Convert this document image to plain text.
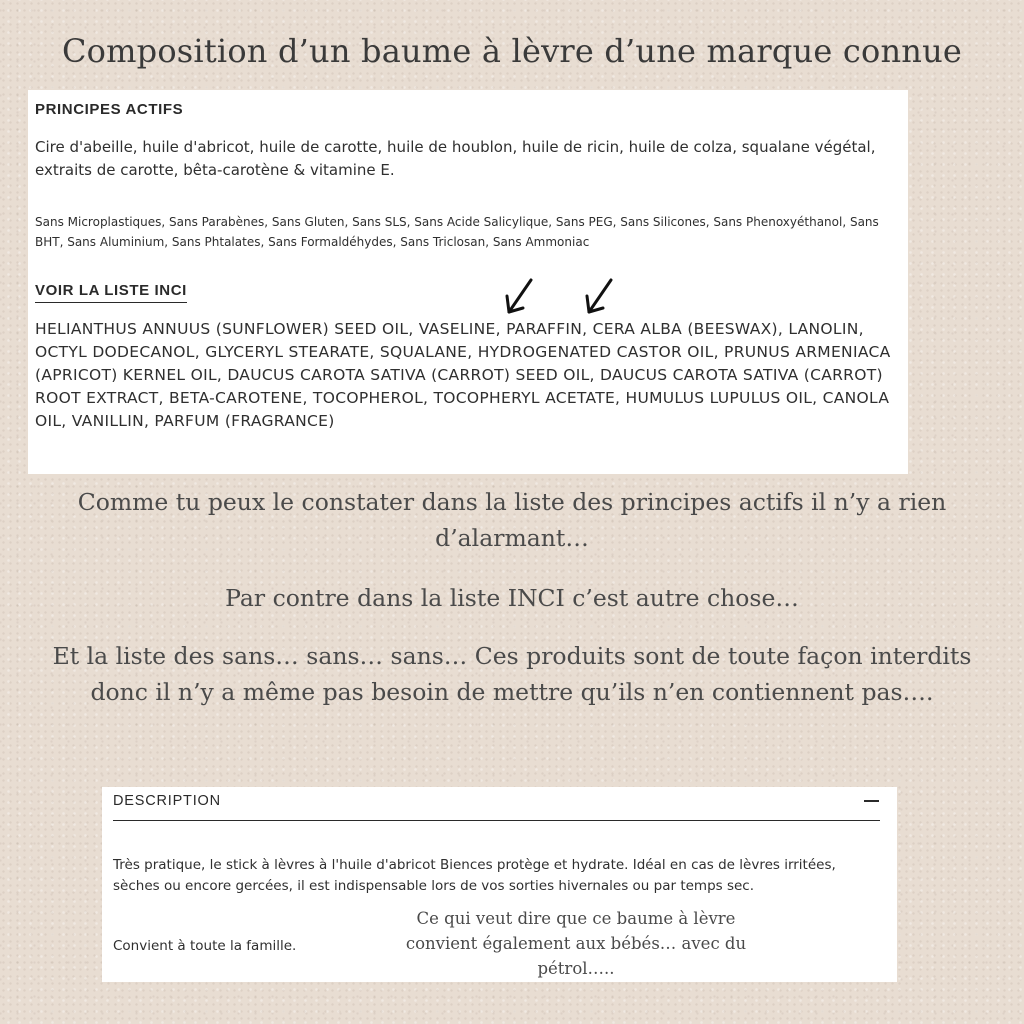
Composition d’un baume à lèvre d’une marque connue
PRINCIPES ACTIFS

Cire d'abeille, huile d'abricot, huile de carotte, huile de houblon, huile de ricin, huile de colza, squalane végétal, extraits de carotte, bêta-carotène & vitamine E.

Sans Microplastiques, Sans Parabènes, Sans Gluten, Sans SLS, Sans Acide Salicylique, Sans PEG, Sans Silicones, Sans Phenoxyéthanol, Sans BHT, Sans Aluminium, Sans Phtalates, Sans Formaldéhydes, Sans Triclosan, Sans Ammoniac

VOIR LA LISTE INCI

HELIANTHUS ANNUUS (SUNFLOWER) SEED OIL, VASELINE, PARAFFIN, CERA ALBA (BEESWAX), LANOLIN, OCTYL DODECANOL, GLYCERYL STEARATE, SQUALANE, HYDROGENATED CASTOR OIL, PRUNUS ARMENIACA (APRICOT) KERNEL OIL, DAUCUS CAROTA SATIVA (CARROT) SEED OIL, DAUCUS CAROTA SATIVA (CARROT) ROOT EXTRACT, BETA-CAROTENE, TOCOPHEROL, TOCOPHERYL ACETATE, HUMULUS LUPULUS OIL, CANOLA OIL, VANILLIN, PARFUM (FRAGRANCE)

Comme tu peux le constater dans la liste des principes actifs il n’y a rien d’alarmant…

Par contre dans la liste INCI c’est autre chose…

Et la liste des sans… sans… sans… Ces produits sont de toute façon interdits donc il n’y a même pas besoin de mettre qu’ils n’en contiennent pas….

DESCRIPTION

Très pratique, le stick à lèvres à l'huile d'abricot Biences protège et hydrate. Idéal en cas de lèvres irritées, sèches ou encore gercées, il est indispensable lors de vos sorties hivernales ou par temps sec.

Convient à toute la famille.

Ce qui veut dire que ce baume à lèvre convient également aux bébés… avec du pétrol…..
